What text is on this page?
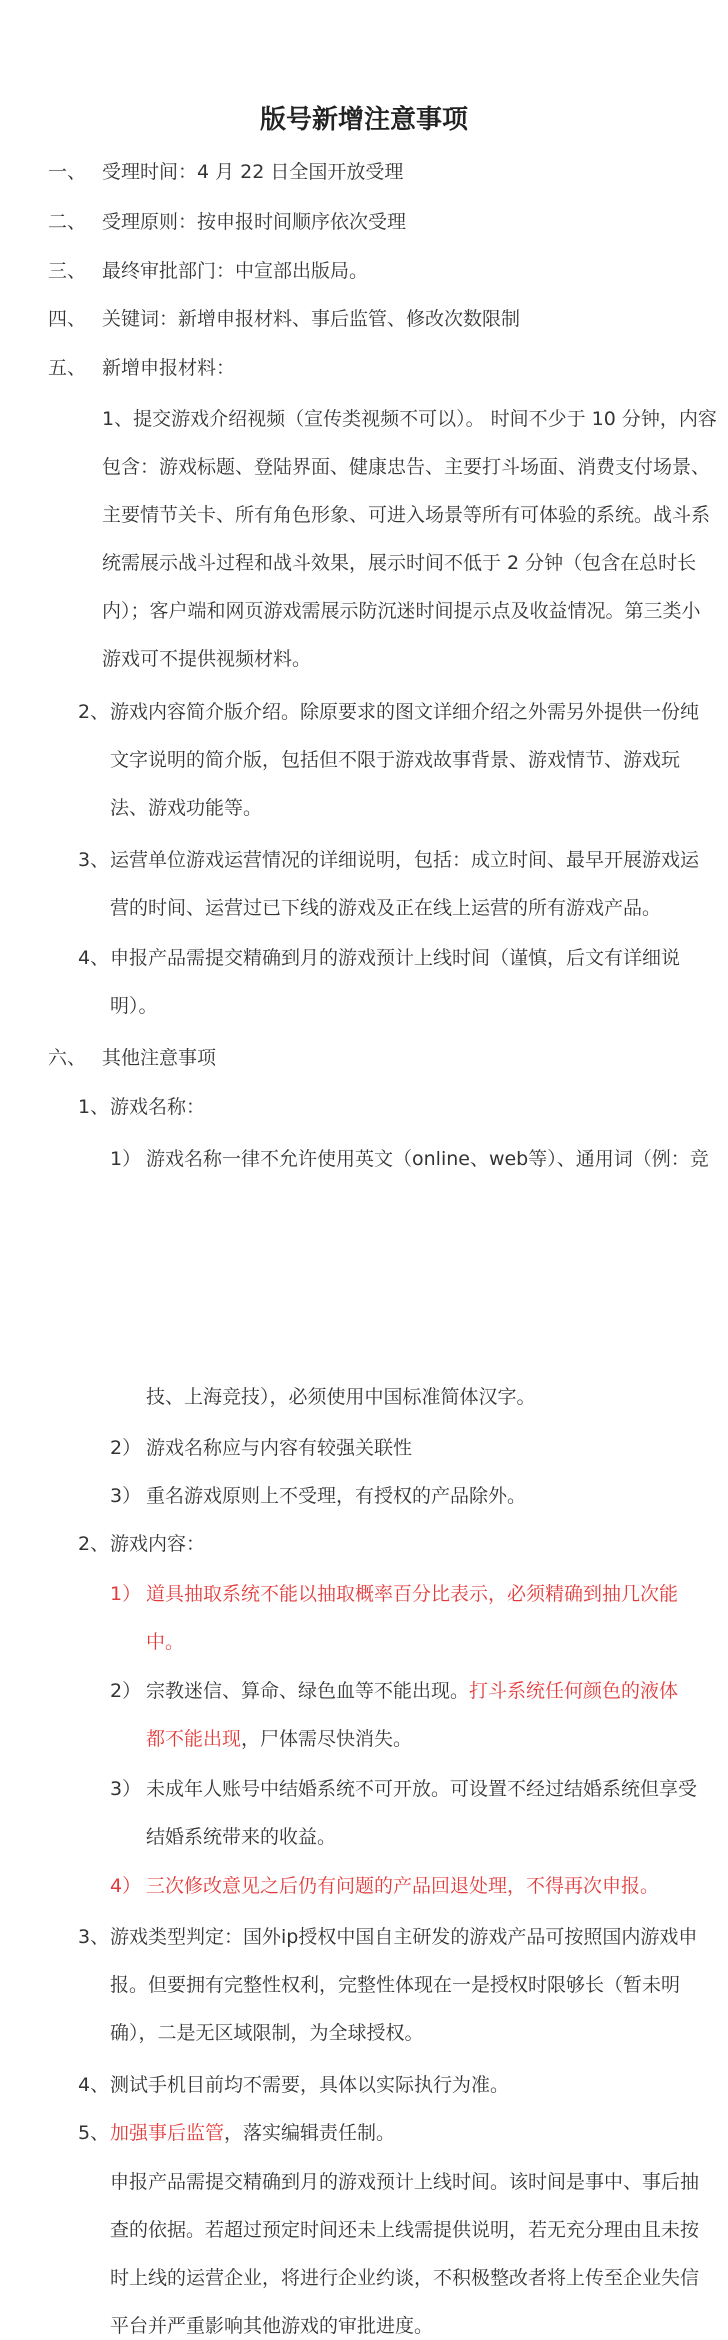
版号新增注意事项
一、 受理时间：4 月 22 日全国开放受理
二、 受理原则：按申报时间顺序依次受理
三、 最终审批部门：中宣部出版局。
四、 关键词：新增申报材料、事后监管、修改次数限制
五、 新增申报材料：
1、提交游戏介绍视频（宣传类视频不可以）。 时间不少于 10 分钟，内容
包含：游戏标题、登陆界面、健康忠告、主要打斗场面、消费支付场景、
主要情节关卡、所有角色形象、可进入场景等所有可体验的系统。战斗系
统需展示战斗过程和战斗效果，展示时间不低于 2 分钟（包含在总时长
内）；客户端和网页游戏需展示防沉迷时间提示点及收益情况。第三类小
游戏可不提供视频材料。
2、 游戏内容简介版介绍。除原要求的图文详细介绍之外需另外提供一份纯
文字说明的简介版，包括但不限于游戏故事背景、游戏情节、游戏玩
法、游戏功能等。
3、 运营单位游戏运营情况的详细说明，包括：成立时间、最早开展游戏运
营的时间、运营过已下线的游戏及正在线上运营的所有游戏产品。
4、 申报产品需提交精确到月的游戏预计上线时间（谨慎，后文有详细说
明）。
六、 其他注意事项
1、 游戏名称：
1） 游戏名称一律不允许使用英文（online、web等）、通用词（例：竞
技、上海竞技），必须使用中国标准简体汉字。
2） 游戏名称应与内容有较强关联性
3） 重名游戏原则上不受理，有授权的产品除外。
2、 游戏内容：
1） 道具抽取系统不能以抽取概率百分比表示，必须精确到抽几次能
中。
2） 宗教迷信、算命、绿色血等不能出现。打斗系统任何颜色的液体
都不能出现，尸体需尽快消失。
3） 未成年人账号中结婚系统不可开放。可设置不经过结婚系统但享受
结婚系统带来的收益。
4） 三次修改意见之后仍有问题的产品回退处理，不得再次申报。
3、 游戏类型判定：国外ip授权中国自主研发的游戏产品可按照国内游戏申
报。但要拥有完整性权利，完整性体现在一是授权时限够长（暂未明
确），二是无区域限制，为全球授权。
4、 测试手机目前均不需要，具体以实际执行为准。
5、 加强事后监管，落实编辑责任制。
申报产品需提交精确到月的游戏预计上线时间。该时间是事中、事后抽
查的依据。若超过预定时间还未上线需提供说明，若无充分理由且未按
时上线的运营企业，将进行企业约谈，不积极整改者将上传至企业失信
平台并严重影响其他游戏的审批进度。
